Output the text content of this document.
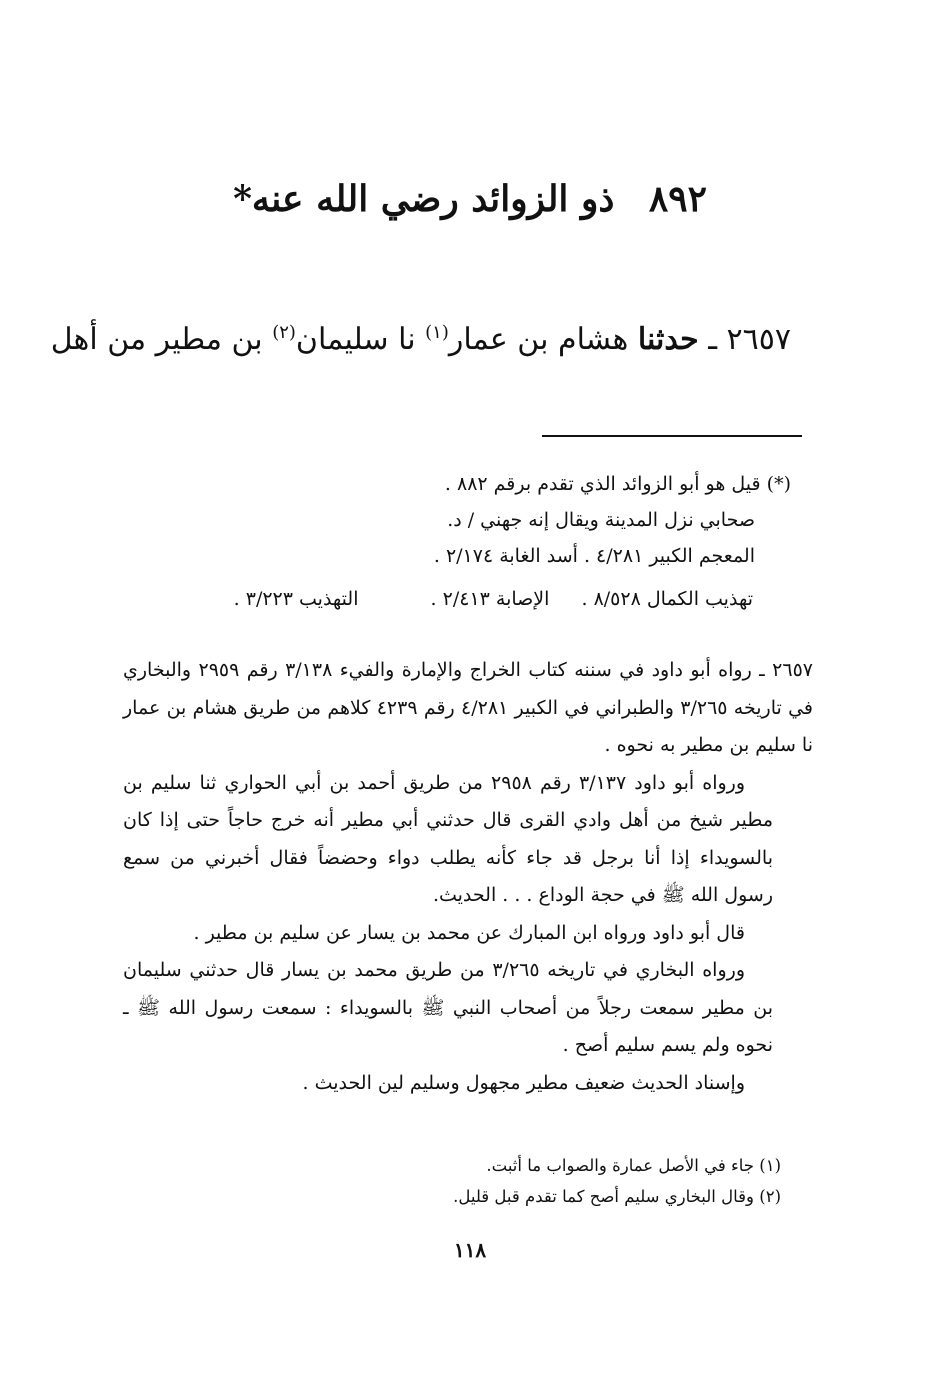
٨٩٢ ذو الزوائد رضي الله عنه*
٢٦٥٧ ـ حدثنا هشام بن عمار$^{(١)}$ نا سليمان$^{(٢)}$ بن مطير من أهل
(*) قيل هو أبو الزوائد الذي تقدم برقم ٨٨٢ .
صحابي نزل المدينة ويقال إنه جهني / د.
المعجم الكبير ٤/٢٨١ . أسد الغابة ٢/١٧٤ .
تهذيب الكمال ٨/٥٢٨ . الإصابة ٢/٤١٣ . التهذيب ٣/٢٢٣ .

٢٦٥٧ ـ رواه أبو داود في سننه كتاب الخراج والإمارة والفيء ٣/١٣٨ رقم ٢٩٥٩ والبخاري في تاريخه ٣/٢٦٥ والطبراني في الكبير ٤/٢٨١ رقم ٤٢٣٩ كلاهم من طريق هشام بن عمار نا سليم بن مطير به نحوه .

ورواه أبو داود ٣/١٣٧ رقم ٢٩٥٨ من طريق أحمد بن أبي الحواري ثنا سليم بن مطير شيخ من أهل وادي القرى قال حدثني أبي مطير أنه خرج حاجاً حتى إذا كان بالسويداء إذا أنا برجل قد جاء كأنه يطلب دواء وحضضاً فقال أخبرني من سمع رسول الله ﷺ في حجة الوداع . . . الحديث.

قال أبو داود ورواه ابن المبارك عن محمد بن يسار عن سليم بن مطير .

ورواه البخاري في تاريخه ٣/٢٦٥ من طريق محمد بن يسار قال حدثني سليمان بن مطير سمعت رجلاً من أصحاب النبي ﷺ بالسويداء : سمعت رسول الله ﷺ ـ نحوه ولم يسم سليم أصح .

وإسناد الحديث ضعيف مطير مجهول وسليم لين الحديث .

(١) جاء في الأصل عمارة والصواب ما أثبت.

(٢) وقال البخاري سليم أصح كما تقدم قبل قليل.

١١٨
